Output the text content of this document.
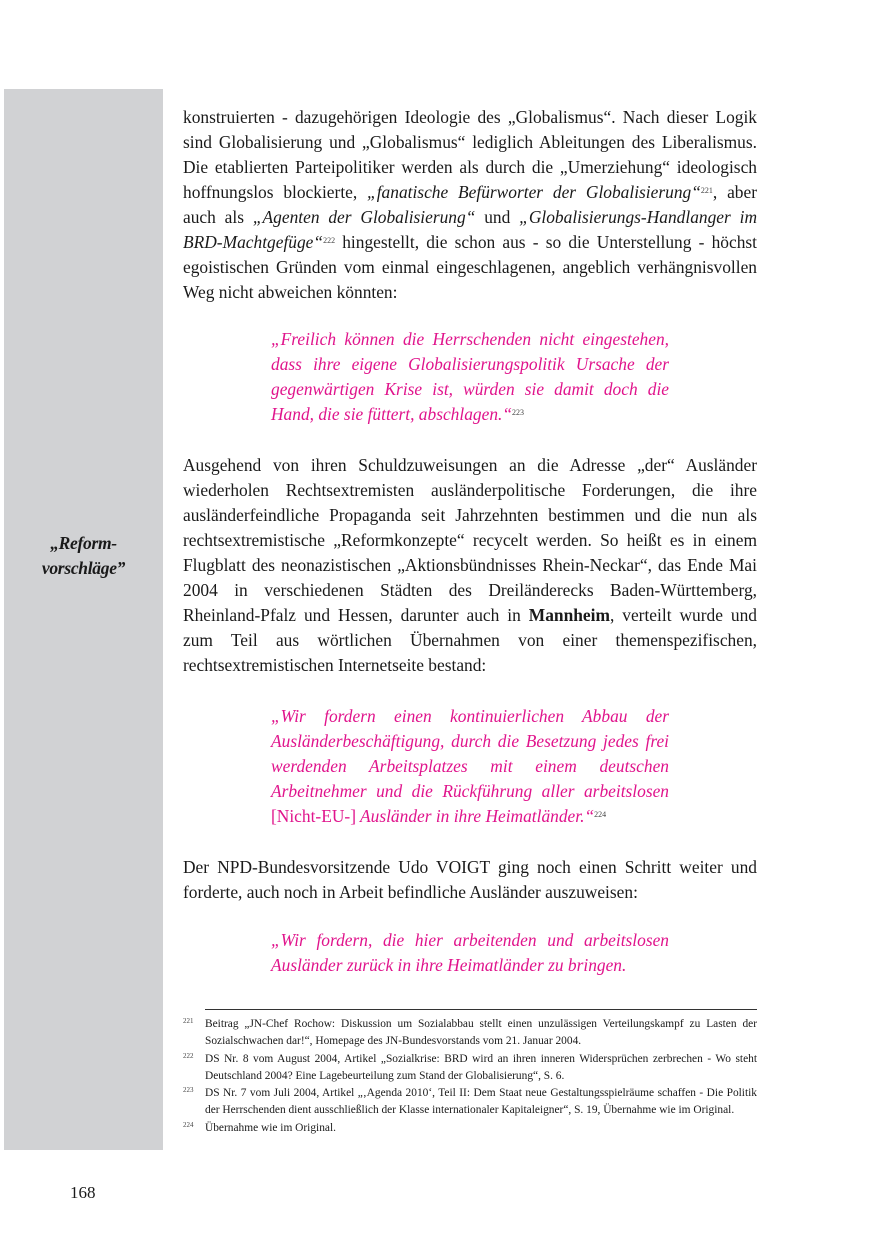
„Reform-
vorschläge”

konstruierten - dazugehörigen Ideologie des „Globalismus“. Nach dieser Logik sind Globalisierung und „Globalismus“ lediglich Ableitungen des Liberalismus. Die etablierten Parteipolitiker werden als durch die „Umerziehung“ ideologisch hoffnungslos blockierte, „fanatische Befürworter der Globalisierung“$^{221}$, aber auch als „Agenten der Globalisierung“ und „Globalisierungs-Handlanger im BRD-Machtgefüge“$^{222}$ hingestellt, die schon aus - so die Unterstellung - höchst egoistischen Gründen vom einmal eingeschlagenen, angeblich verhängnisvollen Weg nicht abweichen könnten:

„Freilich können die Herrschenden nicht eingestehen, dass ihre eigene Globalisierungspolitik Ursache der gegenwärtigen Krise ist, würden sie damit doch die Hand, die sie füttert, abschlagen.“$^{223}$

Ausgehend von ihren Schuldzuweisungen an die Adresse „der“ Ausländer wiederholen Rechtsextremisten ausländerpolitische Forderungen, die ihre ausländerfeindliche Propaganda seit Jahrzehnten bestimmen und die nun als rechtsextremistische „Reformkonzepte“ recycelt werden. So heißt es in einem Flugblatt des neonazistischen „Aktionsbündnisses Rhein-Neckar“, das Ende Mai 2004 in verschiedenen Städten des Dreiländerecks Baden-Württemberg, Rheinland-Pfalz und Hessen, darunter auch in Mannheim, verteilt wurde und zum Teil aus wörtlichen Übernahmen von einer themenspezifischen, rechtsextremistischen Internetseite bestand:

„Wir fordern einen kontinuierlichen Abbau der Ausländerbeschäftigung, durch die Besetzung jedes frei werdenden Arbeitsplatzes mit einem deutschen Arbeitnehmer und die Rückführung aller arbeitslosen [Nicht-EU-] Ausländer in ihre Heimatländer.“$^{224}$

Der NPD-Bundesvorsitzende Udo VOIGT ging noch einen Schritt weiter und forderte, auch noch in Arbeit befindliche Ausländer auszuweisen:

„Wir fordern, die hier arbeitenden und arbeitslosen Ausländer zurück in ihre Heimatländer zu bringen.

221 Beitrag „JN-Chef Rochow: Diskussion um Sozialabbau stellt einen unzulässigen Verteilungskampf zu Lasten der Sozialschwachen dar!“, Homepage des JN-Bundesvorstands vom 21. Januar 2004.
222 DS Nr. 8 vom August 2004, Artikel „Sozialkrise: BRD wird an ihren inneren Widersprüchen zerbrechen - Wo steht Deutschland 2004? Eine Lagebeurteilung zum Stand der Globalisierung“, S. 6.
223 DS Nr. 7 vom Juli 2004, Artikel „‚Agenda 2010‘, Teil II: Dem Staat neue Gestaltungsspielräume schaffen - Die Politik der Herrschenden dient ausschließlich der Klasse internationaler Kapitaleigner“, S. 19, Übernahme wie im Original.
224 Übernahme wie im Original.
168
